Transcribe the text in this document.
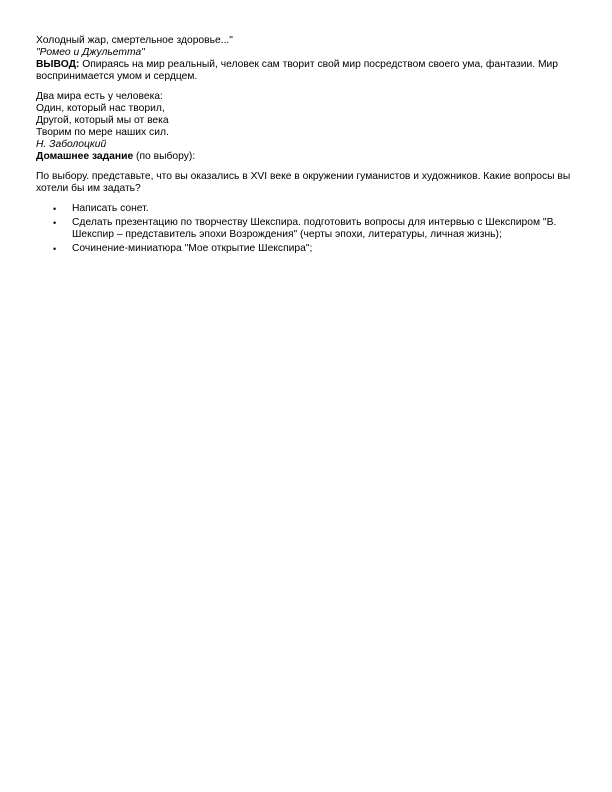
Холодный жар, смертельное здоровье..."
"Ромео и Джульетта"
ВЫВОД: Опираясь на мир реальный, человек сам творит свой мир посредством своего ума, фантазии. Мир
воспринимается умом и сердцем.
Два мира есть у человека:
Один, который нас творил,
Другой, который мы от века
Творим по мере наших сил.
Н. Заболоцкий
Домашнее задание (по выбору):
По выбору. представьте, что вы оказались в XVI веке в окружении гуманистов и художников. Какие вопросы вы
хотели бы им задать?
• Написать сонет.
• Сделать презентацию по творчеству Шекспира. подготовить вопросы для интервью с Шекспиром "В.
Шекспир – представитель эпохи Возрождения" (черты эпохи, литературы, личная жизнь);
• Сочинение-миниатюра "Мое открытие Шекспира";
